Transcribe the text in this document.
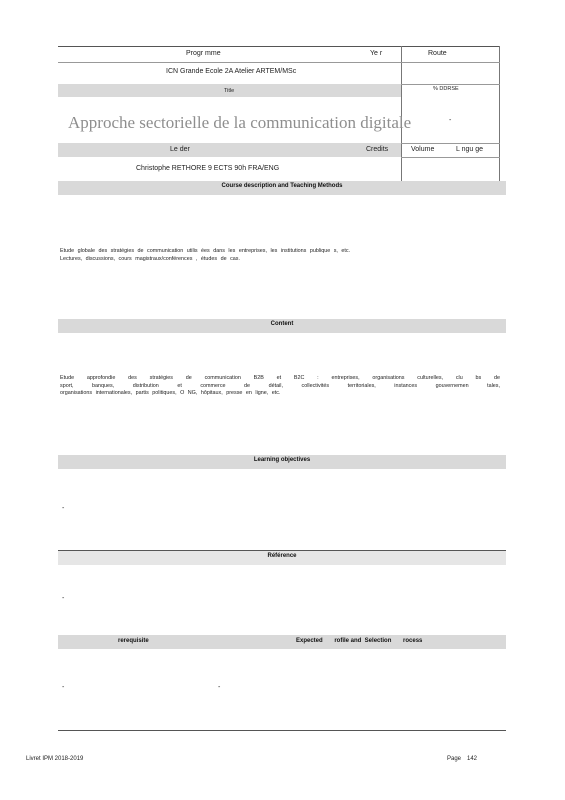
Progr mme	Ye r	Route
ICN Grande Ecole 2A Atelier ARTEM/MSc
Title	% DDRSE
Approche sectorielle de la communication digitale	-
Le der	Credits	Volume	L ngu ge
Christophe RETHORE 9 ECTS 90h FRA/ENG
Course description and Teaching Methods
Etude globale des stratégies de communication utilis ées dans les entreprises, les institutions publique s, etc.
Lectures, discussions, cours magistraux/conférences , études de cas.
Content
Etude approfondie des stratégies de communication B2B et B2C : entreprises, organisations culturelles, clu bs de
sport, banques, distribution et commerce de détail, collectivités territoriales, instances gouvernemen tales,
organisations internationales, partis politiques, O NG, hôpitaux, presse en ligne, etc.
Learning objectives
-
Référence
-
rerequisite	Expected       rofile and  Selection       rocess
-	-
Livret IPM 2018-2019	Page 142
